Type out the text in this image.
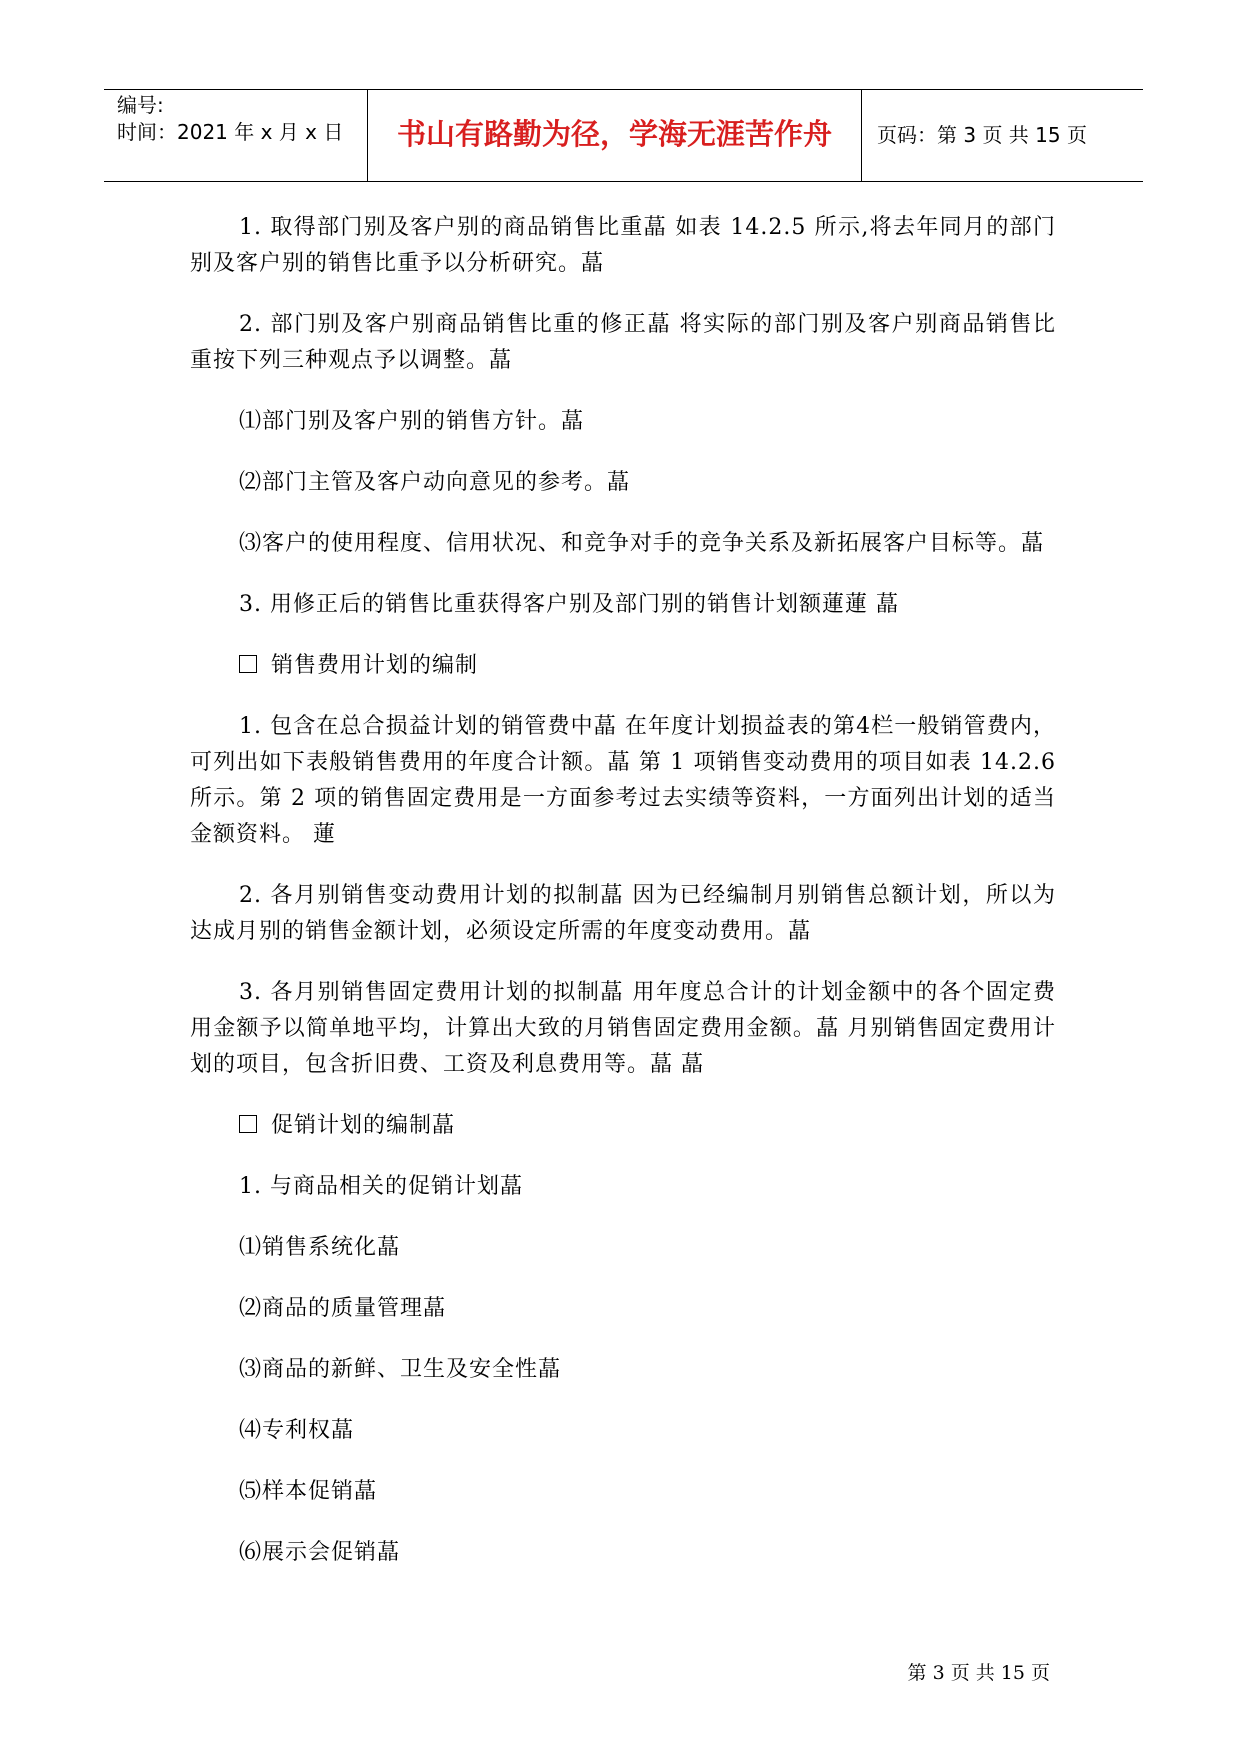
编号:
时间：2021 年 x 月 x 日	书山有路勤为径，学海无涯苦作舟	页码：第 3 页 共 15 页

1. 取得部门别及客户别的商品销售比重蕌 如表 14.2.5 所示,将去年同月的部门别及客户别的销售比重予以分析研究。蕌

2. 部门别及客户别商品销售比重的修正蕌 将实际的部门别及客户别商品销售比重按下列三种观点予以调整。蕌

⑴部门别及客户别的销售方针。蕌

⑵部门主管及客户动向意见的参考。蕌

⑶客户的使用程度、信用状况、和竞争对手的竞争关系及新拓展客户目标等。蕌

3. 用修正后的销售比重获得客户别及部门别的销售计划额蓮蓮 蕌

销售费用计划的编制

1. 包含在总合损益计划的销管费中蕌 在年度计划损益表的第4栏一般销管费内，可列出如下表般销售费用的年度合计额。蕌 第 1 项销售变动费用的项目如表 14.2.6 所示。第 2 项的销售固定费用是一方面参考过去实绩等资料，一方面列出计划的适当金额资料。 蓮

2. 各月别销售变动费用计划的拟制蕌 因为已经编制月别销售总额计划，所以为达成月别的销售金额计划，必须设定所需的年度变动费用。蕌

3. 各月别销售固定费用计划的拟制蕌 用年度总合计的计划金额中的各个固定费用金额予以简单地平均，计算出大致的月销售固定费用金额。蕌 月别销售固定费用计划的项目，包含折旧费、工资及利息费用等。蕌 蕌

促销计划的编制蕌

1. 与商品相关的促销计划蕌

⑴销售系统化蕌

⑵商品的质量管理蕌

⑶商品的新鲜、卫生及安全性蕌

⑷专利权蕌

⑸样本促销蕌

⑹展示会促销蕌

第 3 页 共 15 页
